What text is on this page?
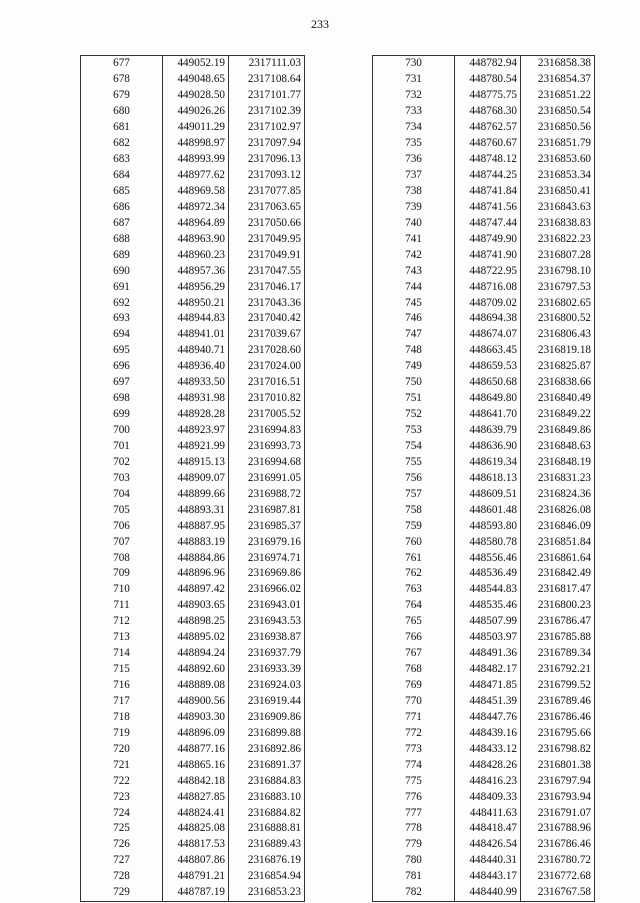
233
677	449052.19	2317111.03
678	449048.65	2317108.64
679	449028.50	2317101.77
680	449026.26	2317102.39
681	449011.29	2317102.97
682	448998.97	2317097.94
683	448993.99	2317096.13
684	448977.62	2317093.12
685	448969.58	2317077.85
686	448972.34	2317063.65
687	448964.89	2317050.66
688	448963.90	2317049.95
689	448960.23	2317049.91
690	448957.36	2317047.55
691	448956.29	2317046.17
692	448950.21	2317043.36
693	448944.83	2317040.42
694	448941.01	2317039.67
695	448940.71	2317028.60
696	448936.40	2317024.00
697	448933.50	2317016.51
698	448931.98	2317010.82
699	448928.28	2317005.52
700	448923.97	2316994.83
701	448921.99	2316993.73
702	448915.13	2316994.68
703	448909.07	2316991.05
704	448899.66	2316988.72
705	448893.31	2316987.81
706	448887.95	2316985.37
707	448883.19	2316979.16
708	448884.86	2316974.71
709	448896.96	2316969.86
710	448897.42	2316966.02
711	448903.65	2316943.01
712	448898.25	2316943.53
713	448895.02	2316938.87
714	448894.24	2316937.79
715	448892.60	2316933.39
716	448889.08	2316924.03
717	448900.56	2316919.44
718	448903.30	2316909.86
719	448896.09	2316899.88
720	448877.16	2316892.86
721	448865.16	2316891.37
722	448842.18	2316884.83
723	448827.85	2316883.10
724	448824.41	2316884.82
725	448825.08	2316888.81
726	448817.53	2316889.43
727	448807.86	2316876.19
728	448791.21	2316854.94
729	448787.19	2316853.23
730	448782.94	2316858.38
731	448780.54	2316854.37
732	448775.75	2316851.22
733	448768.30	2316850.54
734	448762.57	2316850.56
735	448760.67	2316851.79
736	448748.12	2316853.60
737	448744.25	2316853.34
738	448741.84	2316850.41
739	448741.56	2316843.63
740	448747.44	2316838.83
741	448749.90	2316822.23
742	448741.90	2316807.28
743	448722.95	2316798.10
744	448716.08	2316797.53
745	448709.02	2316802.65
746	448694.38	2316800.52
747	448674.07	2316806.43
748	448663.45	2316819.18
749	448659.53	2316825.87
750	448650.68	2316838.66
751	448649.80	2316840.49
752	448641.70	2316849.22
753	448639.79	2316849.86
754	448636.90	2316848.63
755	448619.34	2316848.19
756	448618.13	2316831.23
757	448609.51	2316824.36
758	448601.48	2316826.08
759	448593.80	2316846.09
760	448580.78	2316851.84
761	448556.46	2316861.64
762	448536.49	2316842.49
763	448544.83	2316817.47
764	448535.46	2316800.23
765	448507.99	2316786.47
766	448503.97	2316785.88
767	448491.36	2316789.34
768	448482.17	2316792.21
769	448471.85	2316799.52
770	448451.39	2316789.46
771	448447.76	2316786.46
772	448439.16	2316795.66
773	448433.12	2316798.82
774	448428.26	2316801.38
775	448416.23	2316797.94
776	448409.33	2316793.94
777	448411.63	2316791.07
778	448418.47	2316788.96
779	448426.54	2316786.46
780	448440.31	2316780.72
781	448443.17	2316772.68
782	448440.99	2316767.58
